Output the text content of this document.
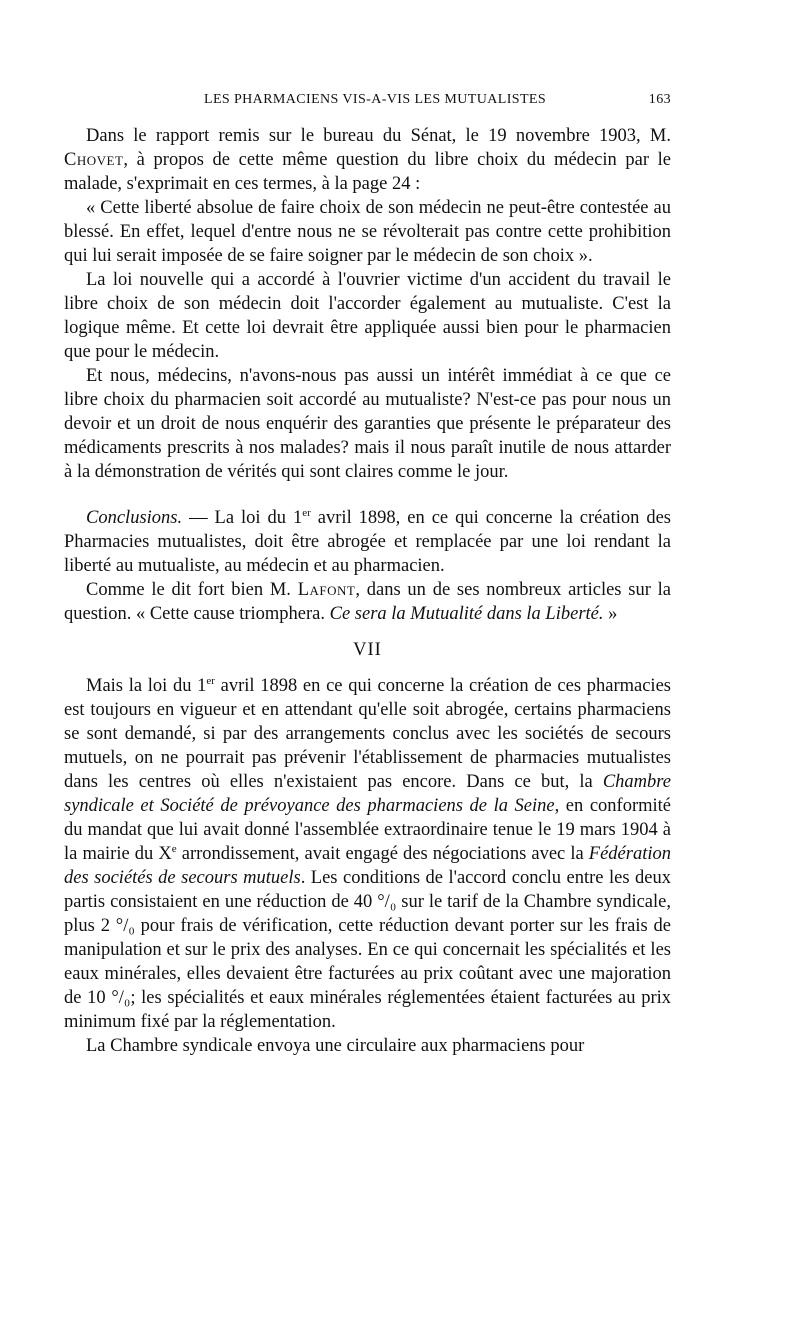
LES PHARMACIENS VIS-A-VIS LES MUTUALISTES	163

Dans le rapport remis sur le bureau du Sénat, le 19 novembre 1903, M. Chovet, à propos de cette même question du libre choix du médecin par le malade, s'exprimait en ces termes, à la page 24 :

« Cette liberté absolue de faire choix de son médecin ne peut-être contestée au blessé. En effet, lequel d'entre nous ne se révolterait pas contre cette prohibition qui lui serait imposée de se faire soigner par le médecin de son choix ».

La loi nouvelle qui a accordé à l'ouvrier victime d'un accident du travail le libre choix de son médecin doit l'accorder également au mutualiste. C'est la logique même. Et cette loi devrait être appliquée aussi bien pour le pharmacien que pour le médecin.

Et nous, médecins, n'avons-nous pas aussi un intérêt immédiat à ce que ce libre choix du pharmacien soit accordé au mutualiste? N'est-ce pas pour nous un devoir et un droit de nous enquérir des garanties que présente le préparateur des médicaments prescrits à nos malades? mais il nous paraît inutile de nous attarder à la démonstration de vérités qui sont claires comme le jour.

Conclusions. — La loi du 1er avril 1898, en ce qui concerne la création des Pharmacies mutualistes, doit être abrogée et remplacée par une loi rendant la liberté au mutualiste, au médecin et au pharmacien.

Comme le dit fort bien M. Lafont, dans un de ses nombreux articles sur la question. « Cette cause triomphera. Ce sera la Mutualité dans la Liberté. »

VII

Mais la loi du 1er avril 1898 en ce qui concerne la création de ces pharmacies est toujours en vigueur et en attendant qu'elle soit abrogée, certains pharmaciens se sont demandé, si par des arrangements conclus avec les sociétés de secours mutuels, on ne pourrait pas prévenir l'établissement de pharmacies mutualistes dans les centres où elles n'existaient pas encore. Dans ce but, la Chambre syndicale et Société de prévoyance des pharmaciens de la Seine, en conformité du mandat que lui avait donné l'assemblée extraordinaire tenue le 19 mars 1904 à la mairie du Xe arrondissement, avait engagé des négociations avec la Fédération des sociétés de secours mutuels. Les conditions de l'accord conclu entre les deux partis consistaient en une réduction de 40 °/₀ sur le tarif de la Chambre syndicale, plus 2 °/₀ pour frais de vérification, cette réduction devant porter sur les frais de manipulation et sur le prix des analyses. En ce qui concernait les spécialités et les eaux minérales, elles devaient être facturées au prix coûtant avec une majoration de 10 °/₀; les spécialités et eaux minérales réglementées étaient facturées au prix minimum fixé par la réglementation.

La Chambre syndicale envoya une circulaire aux pharmaciens pour
